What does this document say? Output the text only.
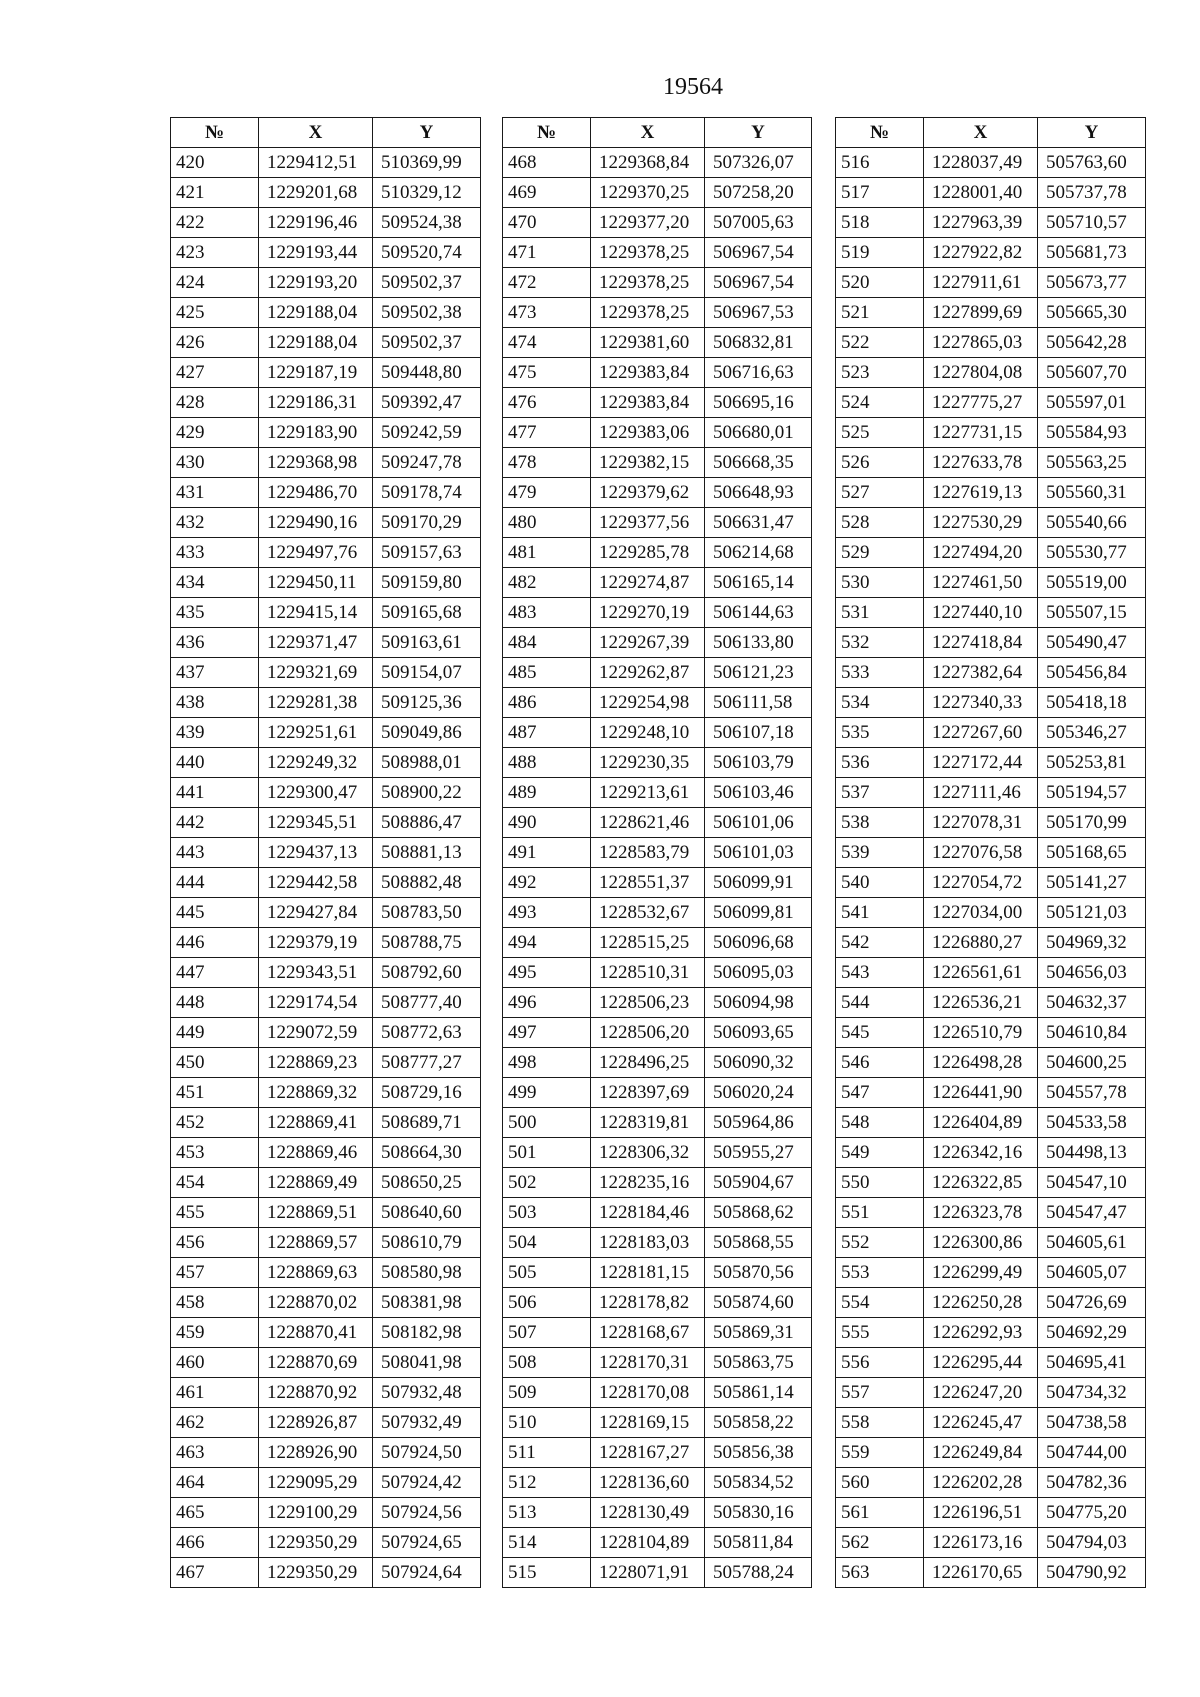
19564
№	X	Y
420	1229412,51	510369,99
421	1229201,68	510329,12
422	1229196,46	509524,38
423	1229193,44	509520,74
424	1229193,20	509502,37
425	1229188,04	509502,38
426	1229188,04	509502,37
427	1229187,19	509448,80
428	1229186,31	509392,47
429	1229183,90	509242,59
430	1229368,98	509247,78
431	1229486,70	509178,74
432	1229490,16	509170,29
433	1229497,76	509157,63
434	1229450,11	509159,80
435	1229415,14	509165,68
436	1229371,47	509163,61
437	1229321,69	509154,07
438	1229281,38	509125,36
439	1229251,61	509049,86
440	1229249,32	508988,01
441	1229300,47	508900,22
442	1229345,51	508886,47
443	1229437,13	508881,13
444	1229442,58	508882,48
445	1229427,84	508783,50
446	1229379,19	508788,75
447	1229343,51	508792,60
448	1229174,54	508777,40
449	1229072,59	508772,63
450	1228869,23	508777,27
451	1228869,32	508729,16
452	1228869,41	508689,71
453	1228869,46	508664,30
454	1228869,49	508650,25
455	1228869,51	508640,60
456	1228869,57	508610,79
457	1228869,63	508580,98
458	1228870,02	508381,98
459	1228870,41	508182,98
460	1228870,69	508041,98
461	1228870,92	507932,48
462	1228926,87	507932,49
463	1228926,90	507924,50
464	1229095,29	507924,42
465	1229100,29	507924,56
466	1229350,29	507924,65
467	1229350,29	507924,64
№	X	Y
468	1229368,84	507326,07
469	1229370,25	507258,20
470	1229377,20	507005,63
471	1229378,25	506967,54
472	1229378,25	506967,54
473	1229378,25	506967,53
474	1229381,60	506832,81
475	1229383,84	506716,63
476	1229383,84	506695,16
477	1229383,06	506680,01
478	1229382,15	506668,35
479	1229379,62	506648,93
480	1229377,56	506631,47
481	1229285,78	506214,68
482	1229274,87	506165,14
483	1229270,19	506144,63
484	1229267,39	506133,80
485	1229262,87	506121,23
486	1229254,98	506111,58
487	1229248,10	506107,18
488	1229230,35	506103,79
489	1229213,61	506103,46
490	1228621,46	506101,06
491	1228583,79	506101,03
492	1228551,37	506099,91
493	1228532,67	506099,81
494	1228515,25	506096,68
495	1228510,31	506095,03
496	1228506,23	506094,98
497	1228506,20	506093,65
498	1228496,25	506090,32
499	1228397,69	506020,24
500	1228319,81	505964,86
501	1228306,32	505955,27
502	1228235,16	505904,67
503	1228184,46	505868,62
504	1228183,03	505868,55
505	1228181,15	505870,56
506	1228178,82	505874,60
507	1228168,67	505869,31
508	1228170,31	505863,75
509	1228170,08	505861,14
510	1228169,15	505858,22
511	1228167,27	505856,38
512	1228136,60	505834,52
513	1228130,49	505830,16
514	1228104,89	505811,84
515	1228071,91	505788,24
№	X	Y
516	1228037,49	505763,60
517	1228001,40	505737,78
518	1227963,39	505710,57
519	1227922,82	505681,73
520	1227911,61	505673,77
521	1227899,69	505665,30
522	1227865,03	505642,28
523	1227804,08	505607,70
524	1227775,27	505597,01
525	1227731,15	505584,93
526	1227633,78	505563,25
527	1227619,13	505560,31
528	1227530,29	505540,66
529	1227494,20	505530,77
530	1227461,50	505519,00
531	1227440,10	505507,15
532	1227418,84	505490,47
533	1227382,64	505456,84
534	1227340,33	505418,18
535	1227267,60	505346,27
536	1227172,44	505253,81
537	1227111,46	505194,57
538	1227078,31	505170,99
539	1227076,58	505168,65
540	1227054,72	505141,27
541	1227034,00	505121,03
542	1226880,27	504969,32
543	1226561,61	504656,03
544	1226536,21	504632,37
545	1226510,79	504610,84
546	1226498,28	504600,25
547	1226441,90	504557,78
548	1226404,89	504533,58
549	1226342,16	504498,13
550	1226322,85	504547,10
551	1226323,78	504547,47
552	1226300,86	504605,61
553	1226299,49	504605,07
554	1226250,28	504726,69
555	1226292,93	504692,29
556	1226295,44	504695,41
557	1226247,20	504734,32
558	1226245,47	504738,58
559	1226249,84	504744,00
560	1226202,28	504782,36
561	1226196,51	504775,20
562	1226173,16	504794,03
563	1226170,65	504790,92
